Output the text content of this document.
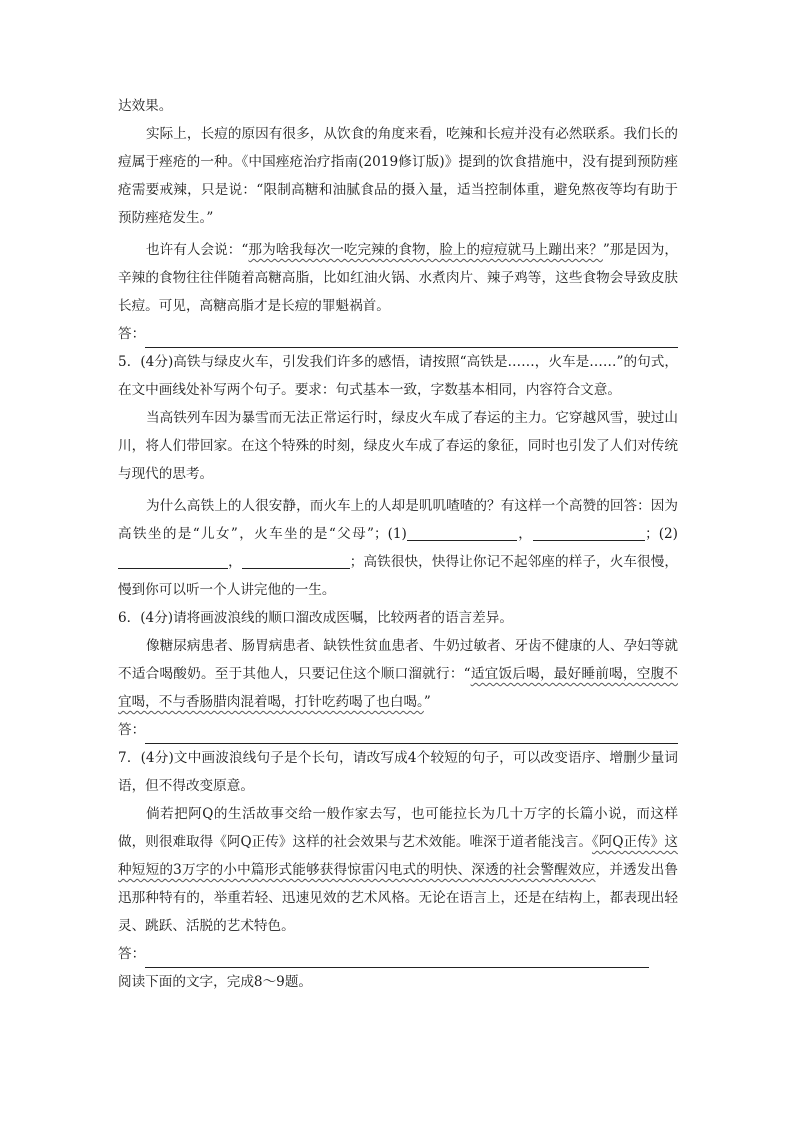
达效果。

实际上，长痘的原因有很多，从饮食的角度来看，吃辣和长痘并没有必然联系。我们长的痘属于痤疮的一种。《中国痤疮治疗指南(2019修订版)》提到的饮食措施中，没有提到预防痤疮需要戒辣，只是说：“限制高糖和油腻食品的摄入量，适当控制体重，避免熬夜等均有助于预防痤疮发生。”

也许有人会说：“那为啥我每次一吃完辣的食物，脸上的痘痘就马上蹦出来？”那是因为，辛辣的食物往往伴随着高糖高脂，比如红油火锅、水煮肉片、辣子鸡等，这些食物会导致皮肤长痘。可见，高糖高脂才是长痘的罪魁祸首。

答：

5．(4分)高铁与绿皮火车，引发我们许多的感悟，请按照“高铁是……，火车是……”的句式，在文中画线处补写两个句子。要求：句式基本一致，字数基本相同，内容符合文意。

当高铁列车因为暴雪而无法正常运行时，绿皮火车成了春运的主力。它穿越风雪，驶过山川，将人们带回家。在这个特殊的时刻，绿皮火车成了春运的象征，同时也引发了人们对传统与现代的思考。

为什么高铁上的人很安静，而火车上的人却是叽叽喳喳的？有这样一个高赞的回答：因为高铁坐的是“儿女”，火车坐的是“父母”；(1)	，	；(2)，	；高铁很快，快得让你记不起邻座的样子，火车很慢，慢到你可以听一个人讲完他的一生。

6．(4分)请将画波浪线的顺口溜改成医嘱，比较两者的语言差异。

像糖尿病患者、肠胃病患者、缺铁性贫血患者、牛奶过敏者、牙齿不健康的人、孕妇等就不适合喝酸奶。至于其他人，只要记住这个顺口溜就行：“适宜饭后喝，最好睡前喝，空腹不宜喝，不与香肠腊肉混着喝，打针吃药喝了也白喝。”

答：

7．(4分)文中画波浪线句子是个长句，请改写成4个较短的句子，可以改变语序、增删少量词语，但不得改变原意。

倘若把阿Q的生活故事交给一般作家去写，也可能拉长为几十万字的长篇小说，而这样做，则很难取得《阿Q正传》这样的社会效果与艺术效能。唯深于道者能浅言。《阿Q正传》这种短短的3万字的小中篇形式能够获得惊雷闪电式的明快、深透的社会警醒效应，并透发出鲁迅那种特有的，举重若轻、迅速见效的艺术风格。无论在语言上，还是在结构上，都表现出轻灵、跳跃、活脱的艺术特色。

答：

阅读下面的文字，完成8～9题。
